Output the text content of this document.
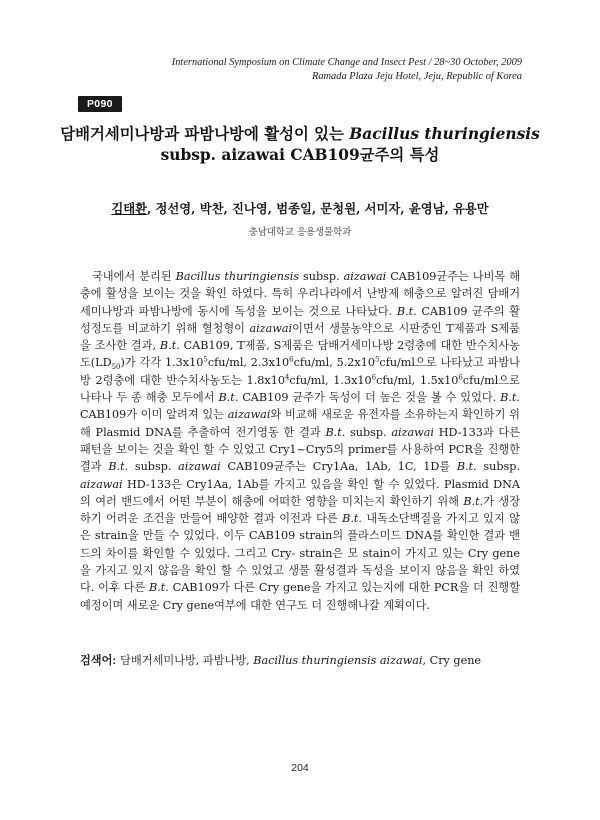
International Symposium on Climate Change and Insect Pest / 28~30 October, 2009
Ramada Plaza Jeju Hotel, Jeju, Republic of Korea
P090
담배거세미나방과 파밤나방에 활성이 있는 Bacillus thuringiensis subsp. aizawai CAB109균주의 특성
김태환, 정선영, 박찬, 진나영, 범종일, 문청원, 서미자, 윤영남, 유용만
충남대학교 응용생물학과

국내에서 분리된 Bacillus thuringiensis subsp. aizawai CAB109균주는 나비목 해충에 활성을 보이는 것을 확인 하였다. 특히 우리나라에서 난방제 해충으로 알려진 담배거세미나방과 파밤나방에 동시에 독성을 보이는 것으로 나타났다. B.t. CAB109 균주의 활성정도를 비교하기 위해 혈청형이 aizawai이면서 생물농약으로 시판중인 T제품과 S제품을 조사한 결과, B.t. CAB109, T제품, S제품은 담배거세미나방 2령충에 대한 반수치사농도$(LD_{50})$가 각각 $1.3x10^5cfu/ml$, $2.3x10^6cfu/ml$, $5.2x10^5cfu/ml$으로 나타났고 파밤나방 2령충에 대한 반수치사농도는 $1.8x10^4cfu/ml$, $1.3x10^6cfu/ml$, $1.5x10^6cfu/ml$으로 나타나 두 종 해충 모두에서 B.t. CAB109 균주가 독성이 더 높은 것을 볼 수 있었다. B.t. CAB109가 이미 알려져 있는 aizawai와 비교해 새로운 유전자를 소유하는지 확인하기 위해 Plasmid DNA를 추출하여 전기영동 한 결과 B.t. subsp. aizawai HD-133과 다른 패턴을 보이는 것을 확인 할 수 있었고 Cry1~Cry5의 primer를 사용하여 PCR을 진행한 결과 B.t. subsp. aizawai CAB109균주는 Cry1Aa, 1Ab, 1C, 1D를 B.t. subsp. aizawai HD-133은 Cry1Aa, 1Ab를 가지고 있음을 확인 할 수 있었다. Plasmid DNA의 여러 밴드에서 어떤 부분이 해충에 어떠한 영향을 미치는지 확인하기 위해 B.t.가 생장하기 어려운 조건을 만들어 배양한 결과 이전과 다른 B.t. 내독소단백질을 가지고 있지 않은 strain을 만들 수 있었다. 이두 CAB109 strain의 플라스미드 DNA를 확인한 결과 밴드의 차이를 확인할 수 있었다. 그리고 Cry- strain은 모 stain이 가지고 있는 Cry gene을 가지고 있지 않음을 확인 할 수 있었고 생물 활성결과 독성을 보이지 않음을 확인 하였다. 이후 다른 B.t. CAB109가 다른 Cry gene을 가지고 있는지에 대한 PCR을 더 진행할 예정이며 새로운 Cry gene여부에 대한 연구도 더 진행해나갈 계획이다.

검색어: 담배거세미나방, 파밤나방, Bacillus thuringiensis aizawai, Cry gene
204
